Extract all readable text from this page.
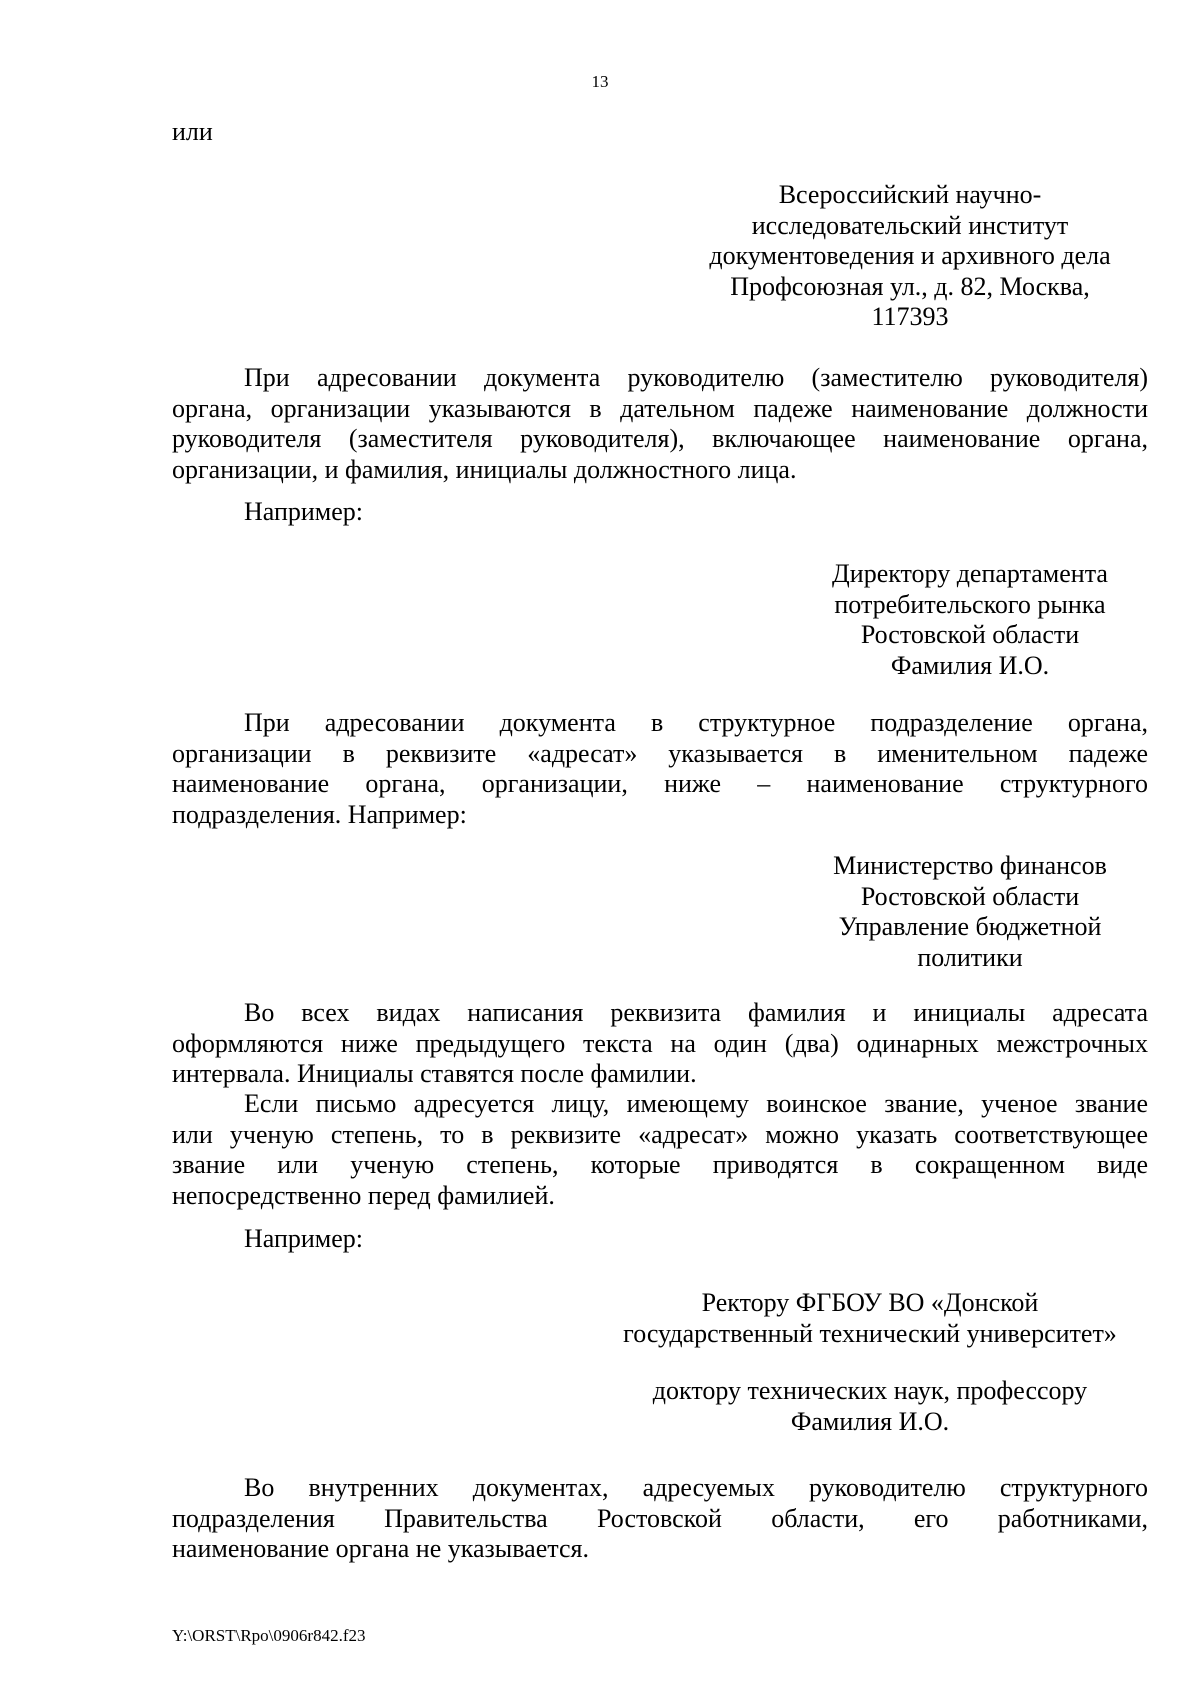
13
или
Всероссийский научно-
исследовательский институт
документоведения и архивного дела
Профсоюзная ул., д. 82, Москва,
117393
При адресовании документа руководителю (заместителю руководителя)
органа, организации указываются в дательном падеже наименование должности
руководителя (заместителя руководителя), включающее наименование органа,
организации, и фамилия, инициалы должностного лица.
Например:
Директору департамента
потребительского рынка
Ростовской области
Фамилия И.О.
При адресовании документа в структурное подразделение органа,
организации в реквизите «адресат» указывается в именительном падеже
наименование органа, организации, ниже – наименование структурного
подразделения. Например:
Министерство финансов
Ростовской области
Управление бюджетной
политики
Во всех видах написания реквизита фамилия и инициалы адресата
оформляются ниже предыдущего текста на один (два) одинарных межстрочных
интервала. Инициалы ставятся после фамилии.
Если письмо адресуется лицу, имеющему воинское звание, ученое звание
или ученую степень, то в реквизите «адресат» можно указать соответствующее
звание или ученую степень, которые приводятся в сокращенном виде
непосредственно перед фамилией.
Например:
Ректору ФГБОУ ВО «Донской
государственный технический университет»
доктору технических наук, профессору
Фамилия И.О.
Во внутренних документах, адресуемых руководителю структурного
подразделения Правительства Ростовской области, его работниками,
наименование органа не указывается.
Y:\ORST\Rpo\0906r842.f23
